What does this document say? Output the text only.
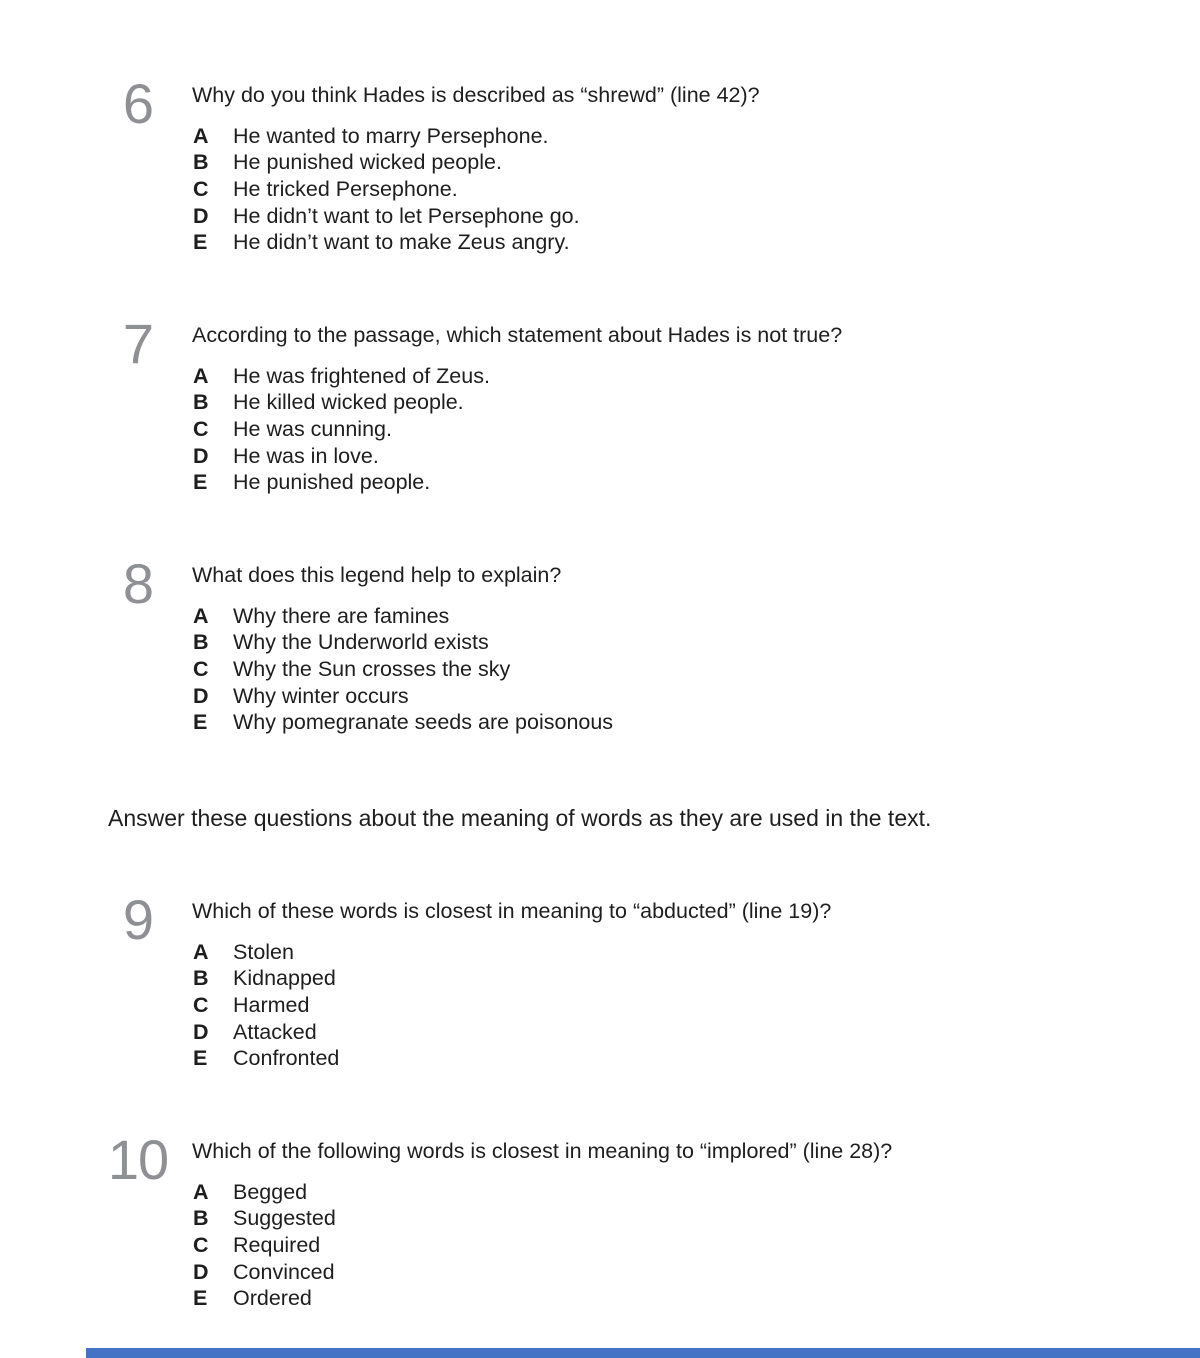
6	Why do you think Hades is described as “shrewd” (line 42)?
A	He wanted to marry Persephone.
B	He punished wicked people.
C	He tricked Persephone.
D	He didn’t want to let Persephone go.
E	He didn’t want to make Zeus angry.
7	According to the passage, which statement about Hades is not true?
A	He was frightened of Zeus.
B	He killed wicked people.
C	He was cunning.
D	He was in love.
E	He punished people.
8	What does this legend help to explain?
A	Why there are famines
B	Why the Underworld exists
C	Why the Sun crosses the sky
D	Why winter occurs
E	Why pomegranate seeds are poisonous
Answer these questions about the meaning of words as they are used in the text.
9	Which of these words is closest in meaning to “abducted” (line 19)?
A	Stolen
B	Kidnapped
C	Harmed
D	Attacked
E	Confronted
10 Which of the following words is closest in meaning to “implored” (line 28)?
A	Begged
B	Suggested
C	Required
D	Convinced
E	Ordered
